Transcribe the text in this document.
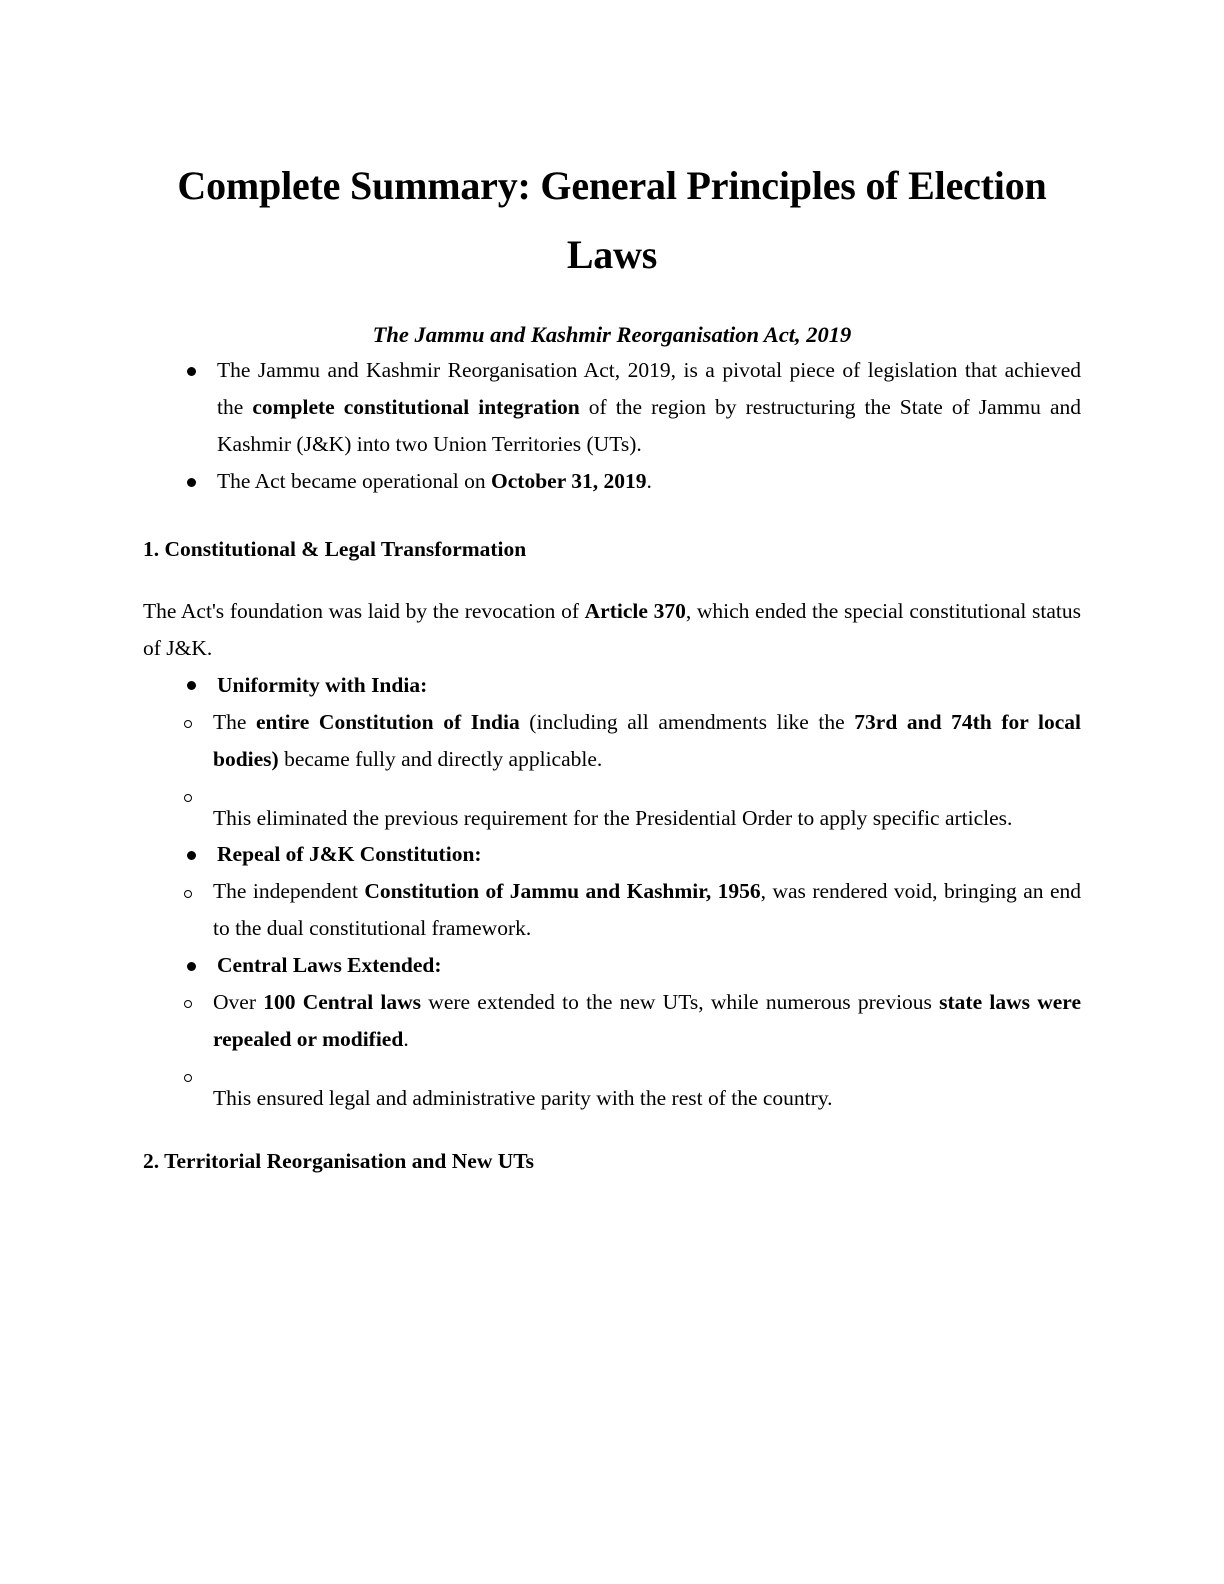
Complete Summary: General Principles of Election Laws
The Jammu and Kashmir Reorganisation Act, 2019
The Jammu and Kashmir Reorganisation Act, 2019, is a pivotal piece of legislation that achieved the complete constitutional integration of the region by restructuring the State of Jammu and Kashmir (J&K) into two Union Territories (UTs).
The Act became operational on October 31, 2019.
1. Constitutional & Legal Transformation

The Act's foundation was laid by the revocation of Article 370, which ended the special constitutional status of J&K.

Uniformity with India:
The entire Constitution of India (including all amendments like the 73rd and 74th for local bodies) became fully and directly applicable.
This eliminated the previous requirement for the Presidential Order to apply specific articles.
Repeal of J&K Constitution:
The independent Constitution of Jammu and Kashmir, 1956, was rendered void, bringing an end to the dual constitutional framework.
Central Laws Extended:
Over 100 Central laws were extended to the new UTs, while numerous previous state laws were repealed or modified.
This ensured legal and administrative parity with the rest of the country.
2. Territorial Reorganisation and New UTs
